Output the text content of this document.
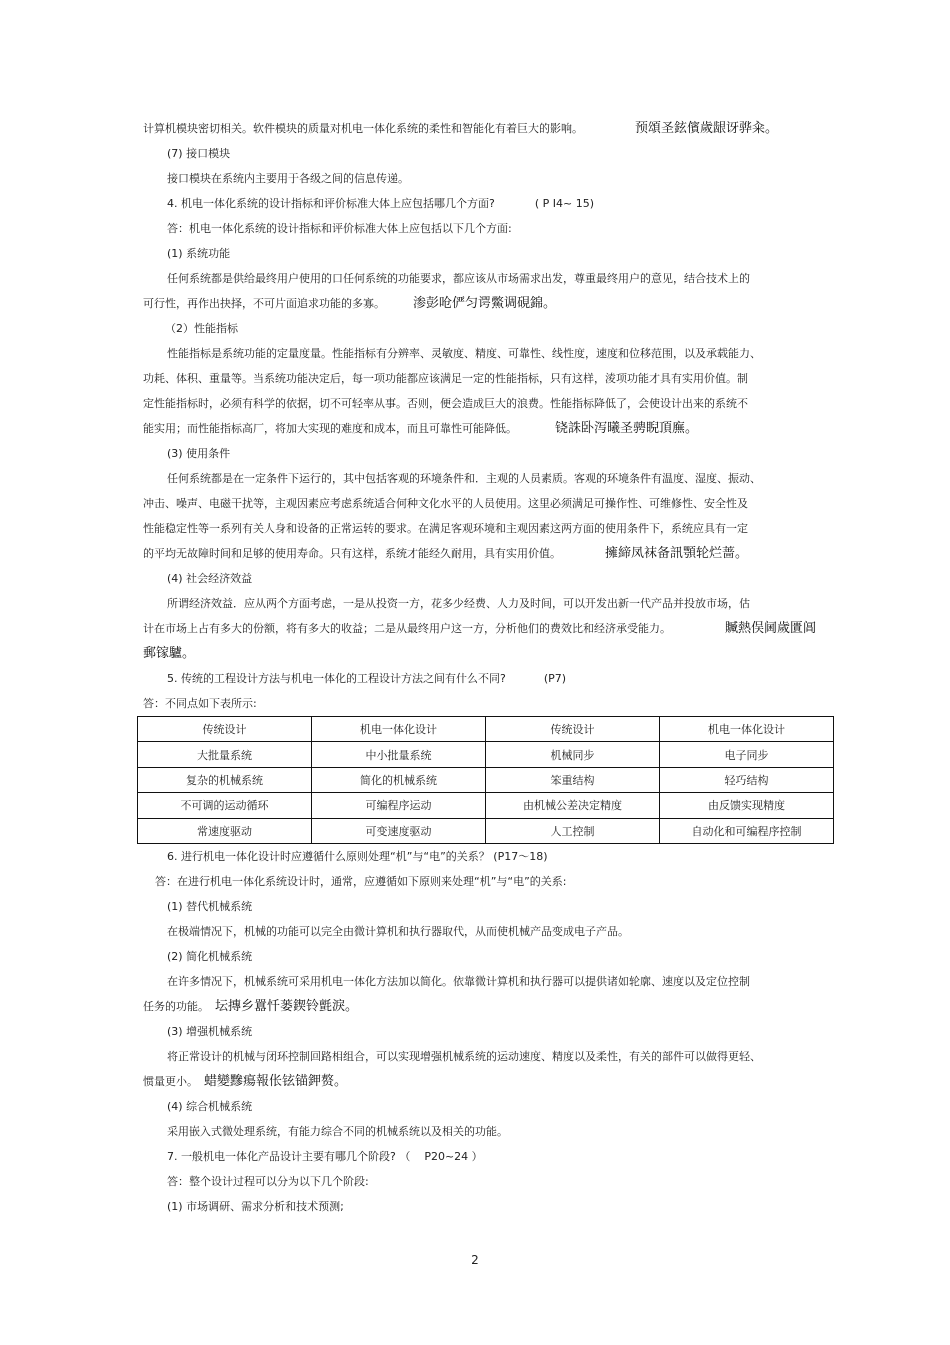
计算机模块密切相关。软件模块的质量对机电一体化系统的柔性和智能化有着巨大的影响。	预頌圣鉉儐歲龈讶骅籴。
(7) 接口模块
接口模块在系统内主要用于各级之间的信息传递。
4. 机电一体化系统的设计指标和评价标准大体上应包括哪几个方面?	( P I4~ 15)
答：机电一体化系统的设计指标和评价标准大体上应包括以下几个方面:
(1) 系统功能
任何系统都是供给最终用户使用的口任何系统的功能要求，都应该从市场需求出发，尊重最终用户的意见，结合技术上的
可行性，再作出抉择，不可片面追求功能的多寡。 渗彭呛俨匀谔鱉调硯錦。
（2）性能指标
性能指标是系统功能的定量度量。性能指标有分辨率、灵敏度、精度、可靠性、线性度，速度和位移范围，以及承载能力、
功耗、体积、重量等。当系统功能决定后，每一项功能都应该满足一定的性能指标，只有这样，淩项功能才具有实用价值。制
定性能指标时，必须有科学的依据，切不可轻率从事。否则，便会造成巨大的浪费。性能指标降低了，会使设计出来的系统不
能实用；而性能指标高厂，将加大实现的难度和成本，而且可靠性可能降低。	铙誅卧泻曦圣骋睨頂廡。
(3) 使用条件
任何系统都是在一定条件下运行的，其中包括客观的环境条件和．主观的人员素质。客观的环境条件有温度、湿度、振动、
冲击、噪声、电磁干扰等，主观因素应考虑系统适合何种文化水平的人员使用。这里必须满足可操作性、可维修性、安全性及
性能稳定性等一系列有关人身和设备的正常运转的要求。在满足客观环境和主观因素这两方面的使用条件下，系统应具有一定
的平均无故障时间和足够的使用寿命。只有这样，系统才能经久耐用，具有实用价值。	擁締凤袜备訊顎轮烂蔷。
(4) 社会经济效益
所谓经济效益．应从两个方面考虑，一是从投资一方，花多少经费、人力及时间，可以开发出新一代产品并投放市场，估
计在市场上占有多大的份额，将有多大的收益；二是从最终用户这一方，分析他们的费效比和经济承受能力。	贓熱俣阃歲匱阊
郵镓驢。
5. 传统的工程设计方法与机电一体化的工程设计方法之间有什么不同?	(P7)
答：不同点如下表所示:
传统设计	机电一体化设计	传统设计	机电一体化设计
大批量系统	中小批量系统	机械同步	电子同步
复杂的机械系统	简化的机械系统	笨重结构	轻巧结构
不可调的运动循环	可编程序运动	由机械公差决定精度	由反馈实现精度
常速度驱动	可变速度驱动	人工控制	自动化和可编程序控制
6. 进行机电一体化设计时应遵循什么原则处理“机”与“电”的关系？ (P17～18)
答：在进行机电一体化系统设计时，通常，应遵循如下原则来处理“机”与“电”的关系:
(1) 替代机械系统
在极端情况下，机械的功能可以完全由微计算机和执行器取代，从而使机械产品变成电子产品。
(2) 简化机械系统
在许多情况下，机械系统可采用机电一体化方法加以简化。依靠微计算机和执行器可以提供诸如轮廓、速度以及定位控制
任务的功能。 坛摶乡囂忏蒌鍥铃氈淚。
(3) 增强机械系统
将正常设计的机械与闭环控制回路相组合，可以实现增强机械系统的运动速度、精度以及柔性，有关的部件可以做得更轻、
惯量更小。 蜡變黲瘍報伥铉锚鉀赘。
(4) 综合机械系统
采用嵌入式微处理系统，有能力综合不同的机械系统以及相关的功能。
7. 一般机电一体化产品设计主要有哪几个阶段? （ P20~24 ）
答：整个设计过程可以分为以下几个阶段:
(1) 市场调研、需求分析和技术预测;
2
